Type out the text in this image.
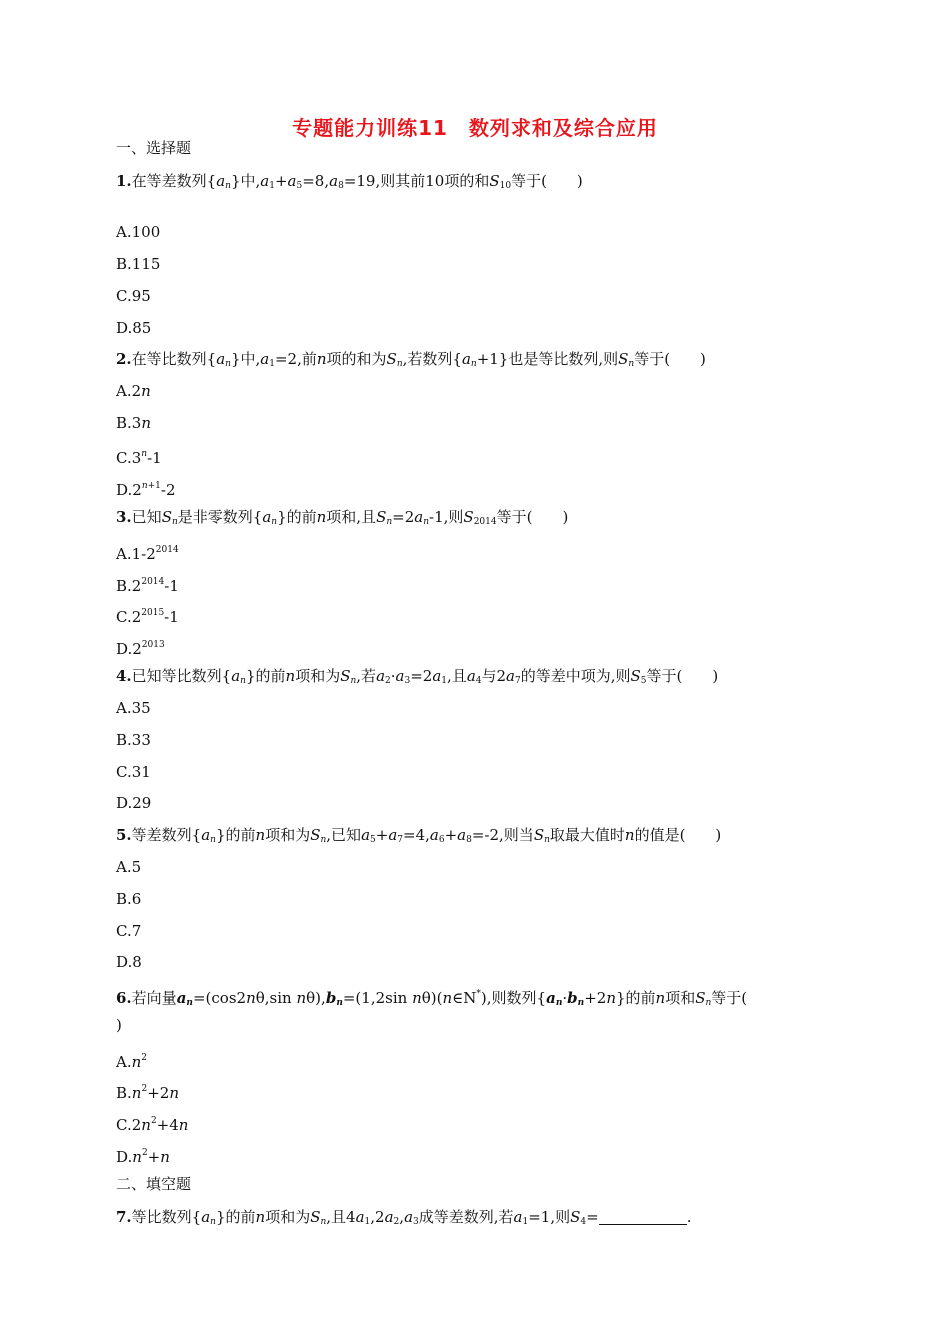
专题能力训练11　数列求和及综合应用
一、选择题
1.在等差数列$\{a_n\}$中$,a_1+a_5=8,a_8=19$,则其前10项的和$S_{10}$等于(　　)
A.100
B.115
C.95
D.85
2.在等比数列$\{a_n\}$中$,a_1=2$,前n项的和为$S_n$,若数列$\{a_n+1\}$也是等比数列,则$S_n$等于(　　)
A.2n
B.3n
C.3$^n$-1
$D.2^{n+1}-2$
3.已知$S_n$是非零数列$\{a_n\}$的前n项和,且$S_n=2a_n-1$,则$S_{2014}$等于(　　)
$A.1-2^{2014}$
$B.2^{2014}-1$
$C.2^{2015}-1$
$D.2^{2013}$
4.已知等比数列$\{a_n\}$的前n项和为$S_n$,若$a_2\cdot a_3=2a_1$,且$a_4$与$2a_7$的等差中项为,则$S_5$等于(　　)
A.35
B.33
C.31
D.29
5.等差数列$\{a_n\}$的前n项和为$S_n$,已知$a_5+a_7=4,a_6+a_8=-2$,则当$S_n$取最大值时n的值是(　　)
A.5
B.6
C.7
D.8
6.若向量$a_n=(\cos 2n\theta,\sin$ $n\theta),b_n=(1,2\sin$ nθ)(n∈N*),则数列$\{a_n\cdot b_n+2n\}$的前n项和$S_n$等于(
)
$A.n^2$
$B.n^2+2n$
$C.2n^2+4n$
$D.n^2+n$
二、填空题
7.等比数列$\{a_n\}$的前n项和为$S_n$,且$4a_1,2a_2,a_3$成等差数列,若$a_1=1$,则$S_4=$	.
